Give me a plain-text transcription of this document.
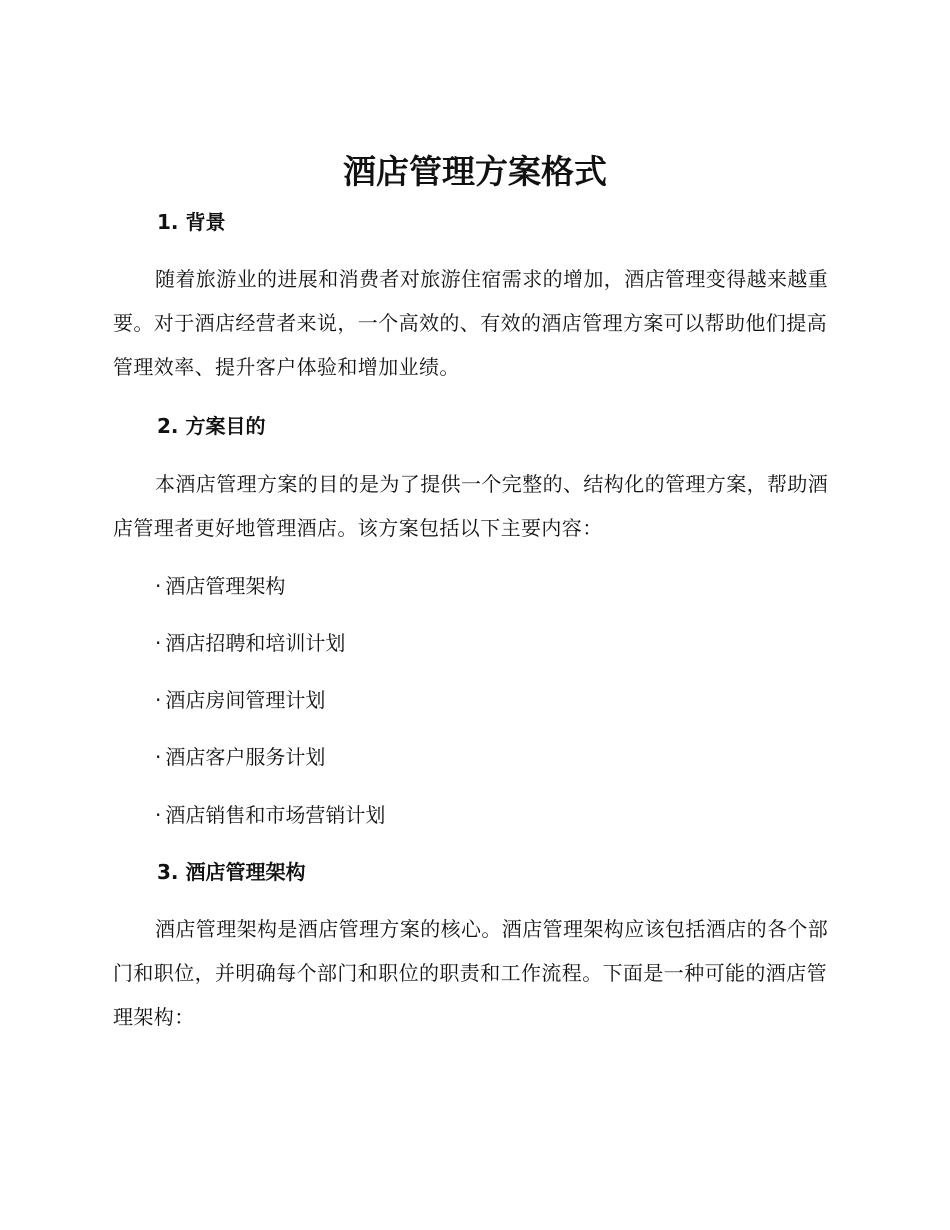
酒店管理方案格式
1. 背景

随着旅游业的进展和消费者对旅游住宿需求的增加，酒店管理变得越来越重要。对于酒店经营者来说，一个高效的、有效的酒店管理方案可以帮助他们提高管理效率、提升客户体验和增加业绩。

2. 方案目的

本酒店管理方案的目的是为了提供一个完整的、结构化的管理方案，帮助酒店管理者更好地管理酒店。该方案包括以下主要内容：

· 酒店管理架构

· 酒店招聘和培训计划

· 酒店房间管理计划

· 酒店客户服务计划

· 酒店销售和市场营销计划

3. 酒店管理架构

酒店管理架构是酒店管理方案的核心。酒店管理架构应该包括酒店的各个部门和职位，并明确每个部门和职位的职责和工作流程。下面是一种可能的酒店管理架构：
